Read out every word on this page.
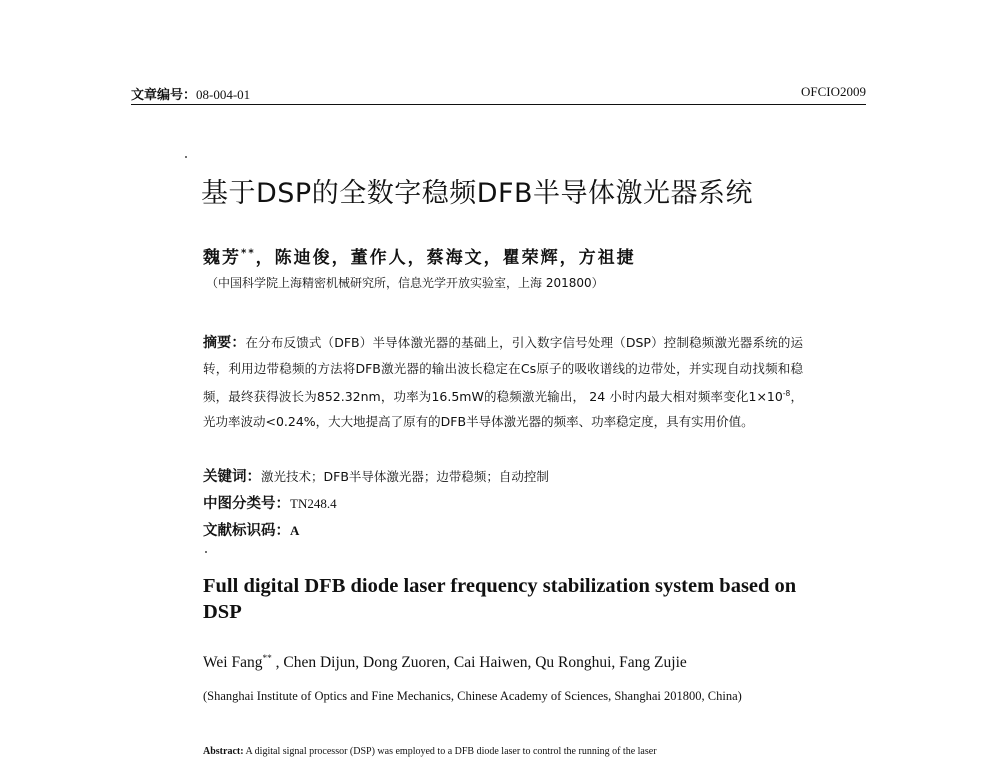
文章编号：08-004-01	OFCIO2009
基于DSP的全数字稳频DFB半导体激光器系统
魏芳**，陈迪俊，董作人，蔡海文，瞿荣辉，方祖捷
（中国科学院上海精密机械研究所，信息光学开放实验室，上海 201800）
摘要：在分布反馈式（DFB）半导体激光器的基础上，引入数字信号处理（DSP）控制稳频激光器系统的运转，利用边带稳频的方法将DFB激光器的输出波长稳定在Cs原子的吸收谱线的边带处，并实现自动找频和稳频，最终获得波长为852.32nm，功率为16.5mW的稳频激光输出， 24 小时内最大相对频率变化$1\times 10^{-8}$，光功率波动<0.24%，大大地提高了原有的DFB半导体激光器的频率、功率稳定度，具有实用价值。
关键词：激光技术；DFB半导体激光器；边带稳频；自动控制
中图分类号：TN248.4
文献标识码：A
Full digital DFB diode laser frequency stabilization system based on DSP
Wei Fang** , Chen Dijun, Dong Zuoren, Cai Haiwen, Qu Ronghui, Fang Zujie
(Shanghai Institute of Optics and Fine Mechanics, Chinese Academy of Sciences, Shanghai 201800, China)
Abstract: A digital signal processor (DSP) was employed to a DFB diode laser to control the running of the laser
